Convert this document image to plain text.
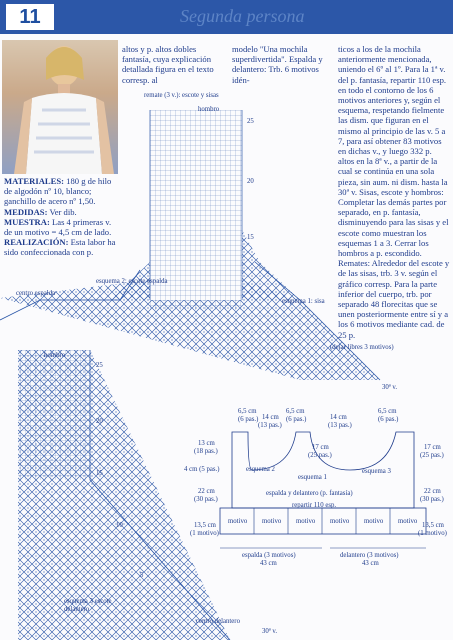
11	Segunda persona
MATERIALES: 180 g de hilo de algodón nº 10, blanco; ganchillo de acero nº 1,50.
MEDIDAS: Ver dib.
MUESTRA: Las 4 primeras v. de un motivo = 4,5 cm de lado.
REALIZACIÓN: Esta labor ha sido confeccionada con p.
altos y p. altos dobles fantasía, cuya explicación detallada figura en el texto corresp. al
modelo "Una mochila superdivertida". Espalda y delantero: Trb. 6 motivos idén-
ticos a los de la mochila anteriormente mencionada, uniendo el 6º al 1º. Para la 1ª v. del p. fantasía, repartir 110 esp. en todo el contorno de los 6 motivos anteriores y, según el esquema, respetando fielmente las dism. que figuran en el mismo al principio de las v. 5 a 7, para así obtener 83 motivos en dichas v., y luego 332 p. altos en la 8ª v., a partir de la cual se continúa en una sola pieza, sin aum. ni dism. hasta la 30ª v. Sisas, escote y hombros: Completar las demás partes por separado, en p. fantasía, disminuyendo para las sisas y el escote como muestran los esquemas 1 a 3. Cerrar los hombros a p. escondido. Remates: Alrededor del escote y de las sisas, trb. 3 v. según el gráfico corresp. Para la parte inferior del cuerpo, trb. por separado 48 florecitas que se unen posteriormente entre sí y a los 6 motivos mediante cad. de 25 p.
remate (3 v.): escote y sisas
hombro
25
20
15
esquema 2: escote espalda
centro espalda
esquema 1: sisa
(dejar libres 3 motivos)
30ª v.
hombro
25
20
15
10
5
esquema 3 escote delantero
centro delantero
30ª v.
6,5 cm
(6 pas.) 14 cm
(13 pas.)
6,5 cm
(6 pas.)	14 cm
(13 pas.)
6,5 cm
(6 pas.)
13 cm
(18 pas.)
4 cm (5 pas.)
22 cm
(30 pas.)
13,5 cm
(1 motivo)
17 cm
(25 pas.)
17 cm
(25 pas.)
22 cm
(30 pas.)
13,5 cm
(1 motivo)
esquema 2
esquema 1
esquema 3
espalda y delantero (p. fantasía)
repartir 110 esp.
motivo motivo motivo motivo motivo motivo
espalda (3 motivos)
43 cm
delantero (3 motivos)
43 cm
